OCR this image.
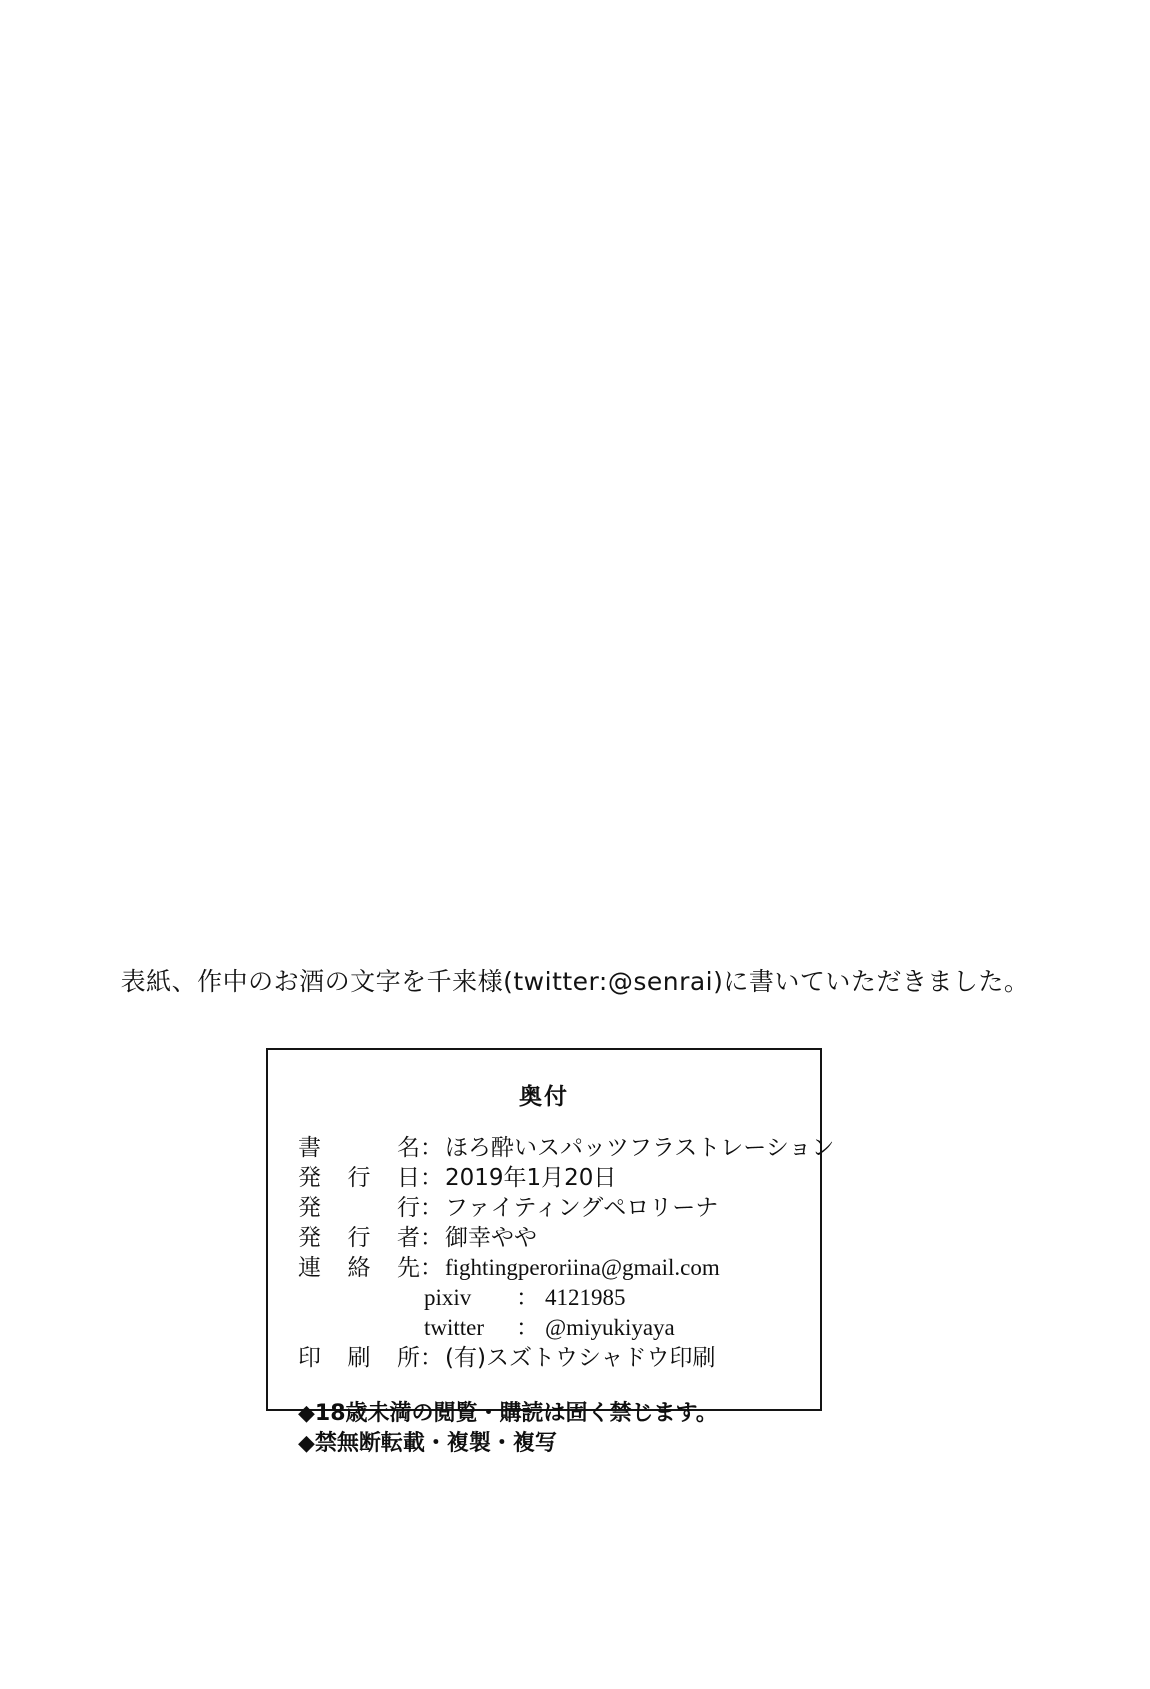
表紙、作中のお酒の文字を千来様(twitter:@senrai)に書いていただきました。
奥付
書　名 ： ほろ酔いスパッツフラストレーション
発行日 ： 2019年1月20日
発　行 ： ファイティングペロリーナ
発行者 ： 御幸やや
連絡先 ： fightingperoriina@gmail.com
pixiv	： 4121985
twitter	： @miyukiyaya
印刷所 ： (有)スズトウシャドウ印刷
◆18歳未満の閲覧・購読は固く禁じます。
◆禁無断転載・複製・複写
